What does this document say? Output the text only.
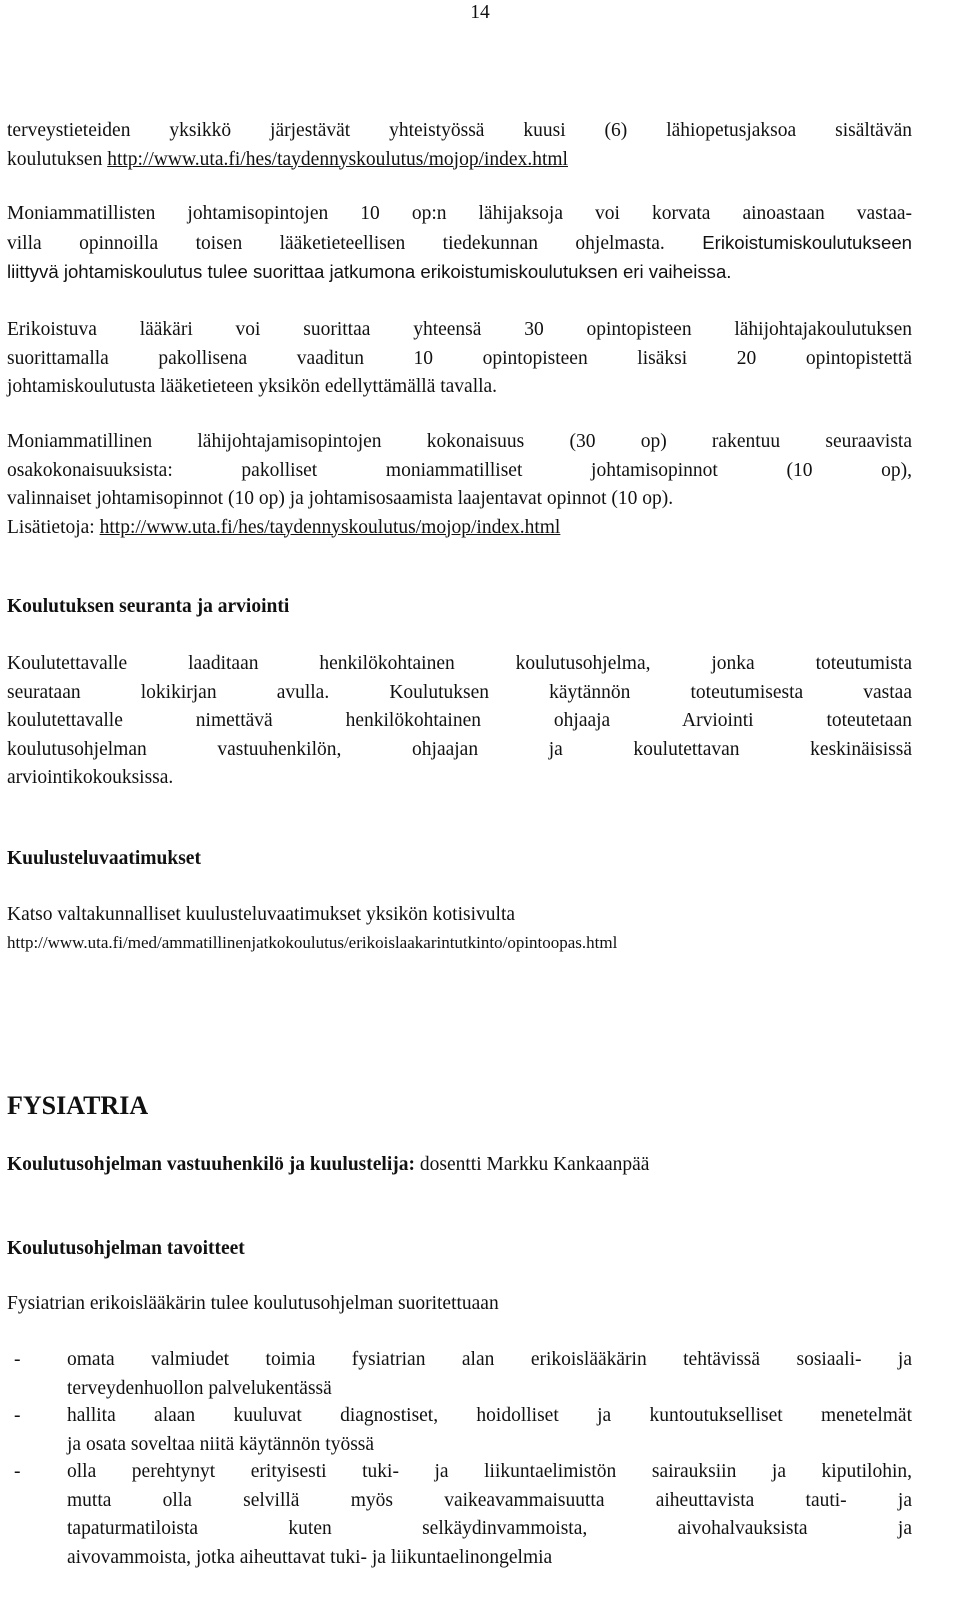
14
terveystieteiden yksikkö järjestävät yhteistyössä kuusi (6) lähiopetusjaksoa sisältävän
koulutuksen http://www.uta.fi/hes/taydennyskoulutus/mojop/index.html
Moniammatillisten johtamisopintojen 10 op:n lähijaksoja voi korvata ainoastaan vastaa-
villa opinnoilla toisen lääketieteellisen tiedekunnan ohjelmasta. Erikoistumiskoulutukseen
liittyvä johtamiskoulutus tulee suorittaa jatkumona erikoistumiskoulutuksen eri vaiheissa.
Erikoistuva lääkäri voi suorittaa yhteensä 30 opintopisteen lähijohtajakoulutuksen
suorittamalla pakollisena vaaditun 10 opintopisteen lisäksi 20 opintopistettä
johtamiskoulutusta lääketieteen yksikön edellyttämällä tavalla.
Moniammatillinen lähijohtajamisopintojen kokonaisuus (30 op) rakentuu seuraavista
osakokonaisuuksista: pakolliset moniammatilliset johtamisopinnot (10 op),
valinnaiset johtamisopinnot (10 op) ja johtamisosaamista laajentavat opinnot (10 op).
Lisätietoja: http://www.uta.fi/hes/taydennyskoulutus/mojop/index.html
Koulutuksen seuranta ja arviointi
Koulutettavalle laaditaan henkilökohtainen koulutusohjelma, jonka toteutumista
seurataan lokikirjan avulla. Koulutuksen käytännön toteutumisesta vastaa
koulutettavalle nimettävä henkilökohtainen ohjaaja Arviointi toteutetaan
koulutusohjelman vastuuhenkilön, ohjaajan ja koulutettavan keskinäisissä
arviointikokouksissa.
Kuulusteluvaatimukset
Katso valtakunnalliset kuulusteluvaatimukset yksikön kotisivulta
http://www.uta.fi/med/ammatillinenjatkokoulutus/erikoislaakarintutkinto/opintoopas.html
FYSIATRIA
Koulutusohjelman vastuuhenkilö ja kuulustelija: dosentti Markku Kankaanpää
Koulutusohjelman tavoitteet
Fysiatrian erikoislääkärin tulee koulutusohjelman suoritettuaan
-	omata valmiudet toimia fysiatrian alan erikoislääkärin tehtävissä sosiaali- ja
terveydenhuollon palvelukentässä
-	hallita alaan kuuluvat diagnostiset, hoidolliset ja kuntoutukselliset menetelmät
ja osata soveltaa niitä käytännön työssä
-	olla perehtynyt erityisesti tuki- ja liikuntaelimistön sairauksiin ja kiputilohin,
mutta olla selvillä myös vaikeavammaisuutta aiheuttavista tauti- ja
tapaturmatiloista kuten selkäydinvammoista, aivohalvauksista ja
aivovammoista, jotka aiheuttavat tuki- ja liikuntaelinongelmia
